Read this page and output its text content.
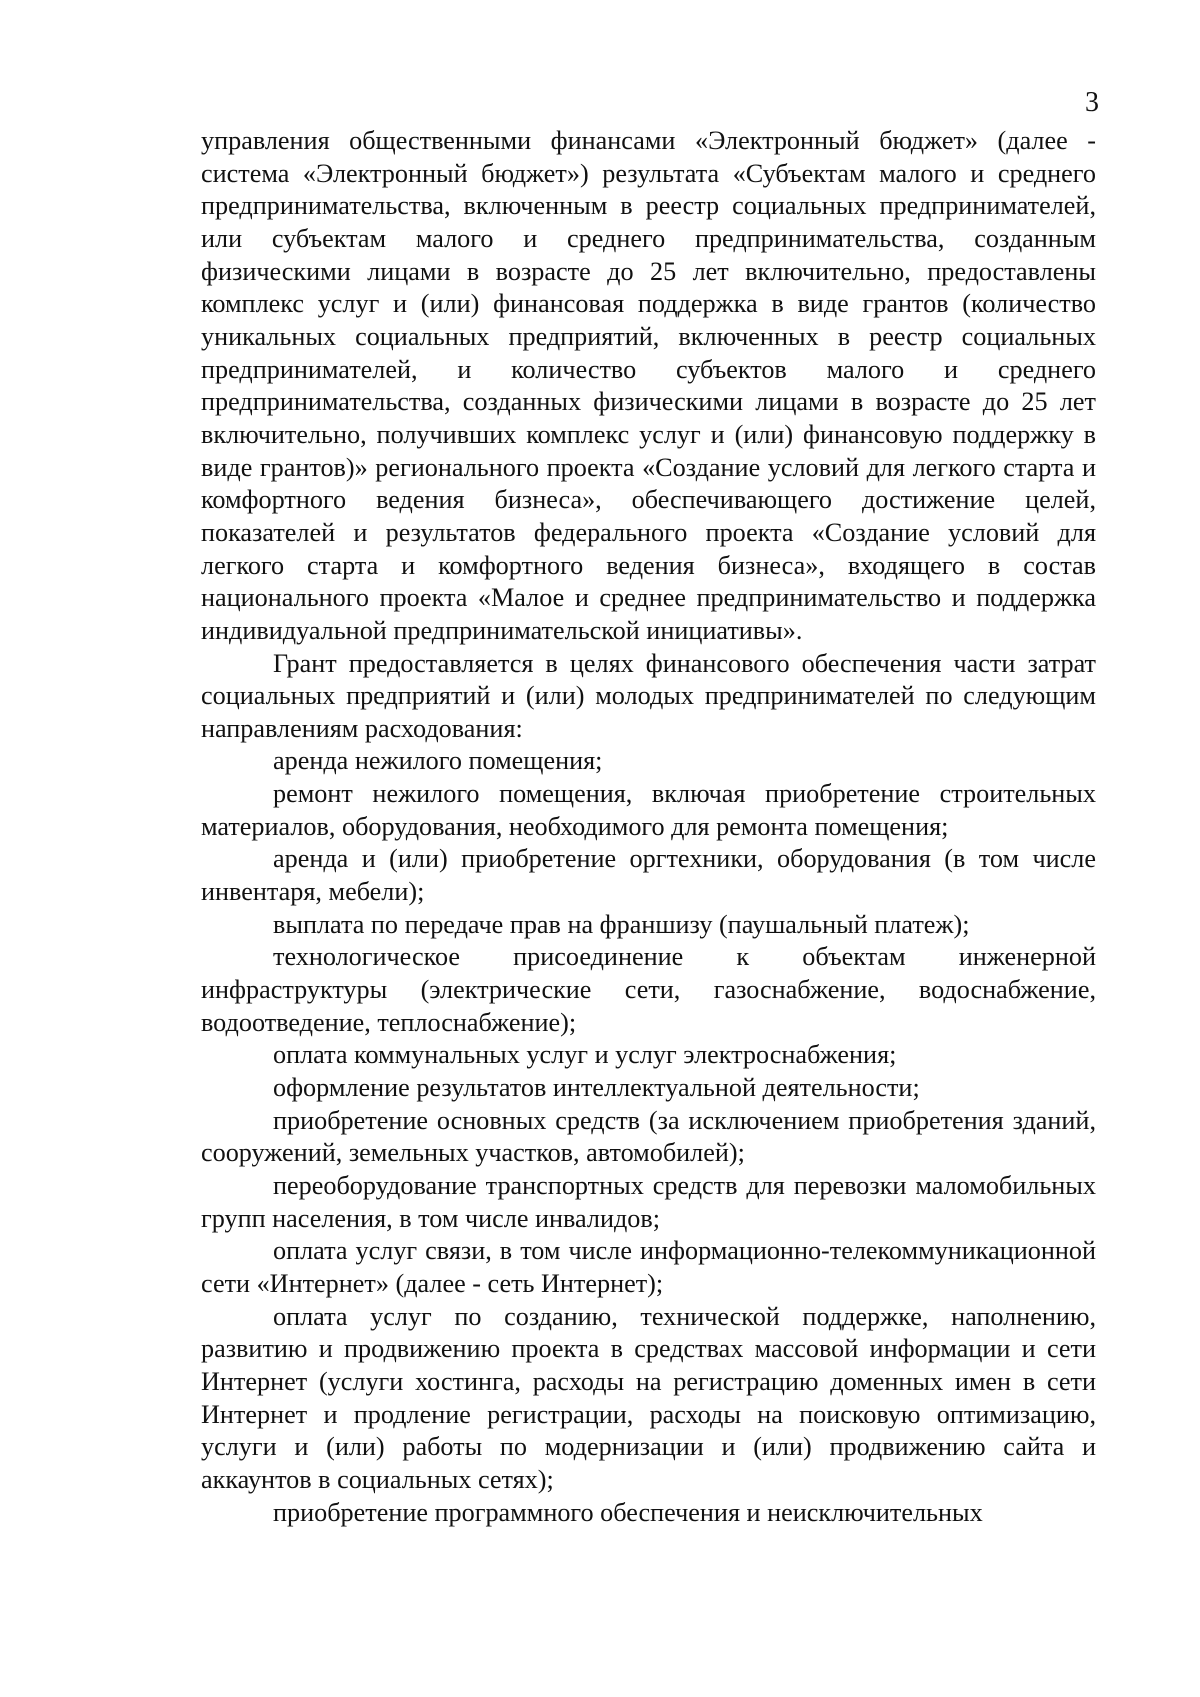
3

управления общественными финансами «Электронный бюджет» (далее - система «Электронный бюджет») результата «Субъектам малого и среднего предпринимательства, включенным в реестр социальных предпринимателей, или субъектам малого и среднего предпринимательства, созданным физическими лицами в возрасте до 25 лет включительно, предоставлены комплекс услуг и (или) финансовая поддержка в виде грантов (количество уникальных социальных предприятий, включенных в реестр социальных предпринимателей, и количество субъектов малого и среднего предпринимательства, созданных физическими лицами в возрасте до 25 лет включительно, получивших комплекс услуг и (или) финансовую поддержку в виде грантов)» регионального проекта «Создание условий для легкого старта и комфортного ведения бизнеса», обеспечивающего достижение целей, показателей и результатов федерального проекта «Создание условий для легкого старта и комфортного ведения бизнеса», входящего в состав национального проекта «Малое и среднее предпринимательство и поддержка индивидуальной предпринимательской инициативы».

Грант предоставляется в целях финансового обеспечения части затрат социальных предприятий и (или) молодых предпринимателей по следующим направлениям расходования:

аренда нежилого помещения;

ремонт нежилого помещения, включая приобретение строительных материалов, оборудования, необходимого для ремонта помещения;

аренда и (или) приобретение оргтехники, оборудования (в том числе инвентаря, мебели);

выплата по передаче прав на франшизу (паушальный платеж);

технологическое присоединение к объектам инженерной инфраструктуры (электрические сети, газоснабжение, водоснабжение, водоотведение, теплоснабжение);

оплата коммунальных услуг и услуг электроснабжения;

оформление результатов интеллектуальной деятельности;

приобретение основных средств (за исключением приобретения зданий, сооружений, земельных участков, автомобилей);

переоборудование транспортных средств для перевозки маломобильных групп населения, в том числе инвалидов;

оплата услуг связи, в том числе информационно-телекоммуникационной сети «Интернет» (далее - сеть Интернет);

оплата услуг по созданию, технической поддержке, наполнению, развитию и продвижению проекта в средствах массовой информации и сети Интернет (услуги хостинга, расходы на регистрацию доменных имен в сети Интернет и продление регистрации, расходы на поисковую оптимизацию, услуги и (или) работы по модернизации и (или) продвижению сайта и аккаунтов в социальных сетях);

приобретение программного обеспечения и неисключительных
